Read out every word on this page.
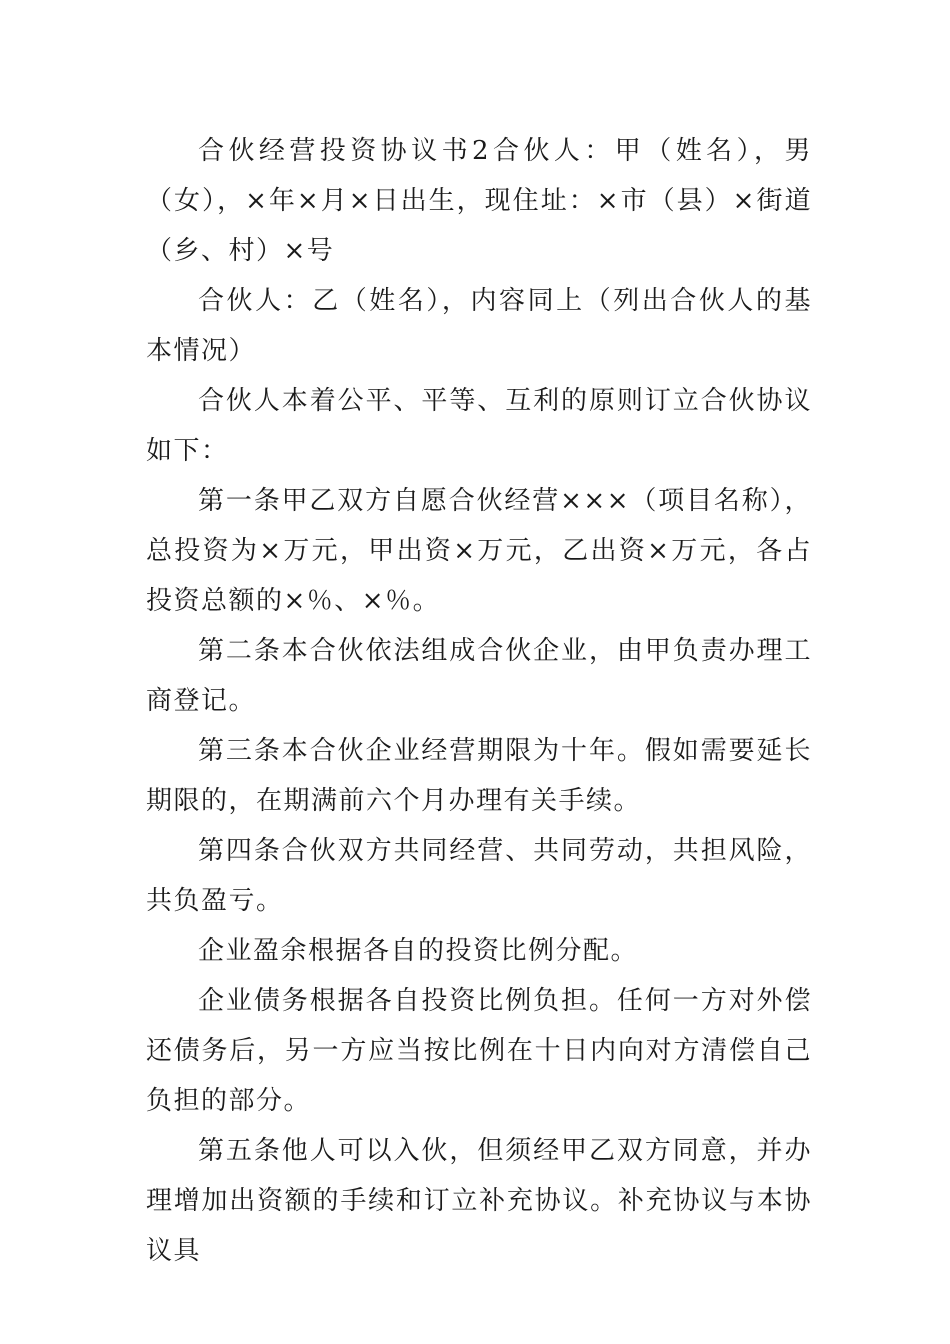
合伙经营投资协议书2合伙人：甲（姓名），男（女），×年×月×日出生，现住址：×市（县）×街道（乡、村）×号

合伙人：乙（姓名），内容同上（列出合伙人的基本情况）

合伙人本着公平、平等、互利的原则订立合伙协议如下：

第一条甲乙双方自愿合伙经营×××（项目名称），总投资为×万元，甲出资×万元，乙出资×万元，各占投资总额的×％、×％。

第二条本合伙依法组成合伙企业，由甲负责办理工商登记。

第三条本合伙企业经营期限为十年。假如需要延长期限的，在期满前六个月办理有关手续。

第四条合伙双方共同经营、共同劳动，共担风险，共负盈亏。

企业盈余根据各自的投资比例分配。

企业债务根据各自投资比例负担。任何一方对外偿还债务后，另一方应当按比例在十日内向对方清偿自己负担的部分。

第五条他人可以入伙，但须经甲乙双方同意，并办理增加出资额的手续和订立补充协议。补充协议与本协议具
